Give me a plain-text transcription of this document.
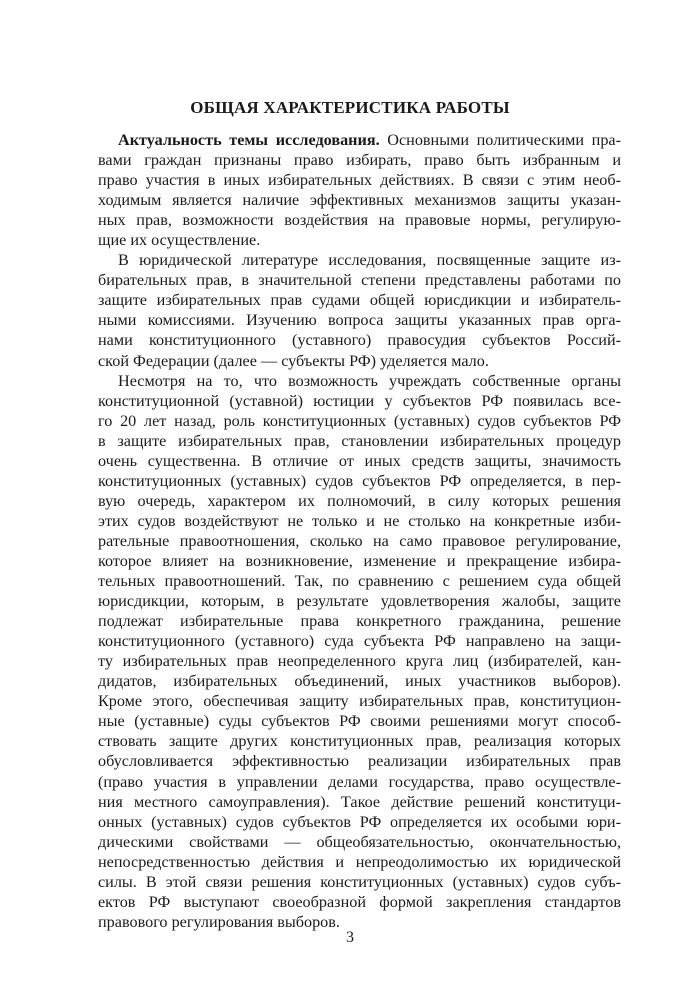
ОБЩАЯ ХАРАКТЕРИСТИКА РАБОТЫ
Актуальность темы исследования. Основными политическими пра-
вами граждан признаны право избирать, право быть избранным и
право участия в иных избирательных действиях. В связи с этим необ-
ходимым является наличие эффективных механизмов защиты указан-
ных прав, возможности воздействия на правовые нормы, регулирую-
щие их осуществление.
В юридической литературе исследования, посвященные защите из-
бирательных прав, в значительной степени представлены работами по
защите избирательных прав судами общей юрисдикции и избиратель-
ными комиссиями. Изучению вопроса защиты указанных прав орга-
нами конституционного (уставного) правосудия субъектов Россий-
ской Федерации (далее — субъекты РФ) уделяется мало.
Несмотря на то, что возможность учреждать собственные органы
конституционной (уставной) юстиции у субъектов РФ появилась все-
го 20 лет назад, роль конституционных (уставных) судов субъектов РФ
в защите избирательных прав, становлении избирательных процедур
очень существенна. В отличие от иных средств защиты, значимость
конституционных (уставных) судов субъектов РФ определяется, в пер-
вую очередь, характером их полномочий, в силу которых решения
этих судов воздействуют не только и не столько на конкретные изби-
рательные правоотношения, сколько на само правовое регулирование,
которое влияет на возникновение, изменение и прекращение избира-
тельных правоотношений. Так, по сравнению с решением суда общей
юрисдикции, которым, в результате удовлетворения жалобы, защите
подлежат избирательные права конкретного гражданина, решение
конституционного (уставного) суда субъекта РФ направлено на защи-
ту избирательных прав неопределенного круга лиц (избирателей, кан-
дидатов, избирательных объединений, иных участников выборов).
Кроме этого, обеспечивая защиту избирательных прав, конституцион-
ные (уставные) суды субъектов РФ своими решениями могут способ-
ствовать защите других конституционных прав, реализация которых
обусловливается эффективностью реализации избирательных прав
(право участия в управлении делами государства, право осуществле-
ния местного самоуправления). Такое действие решений конституци-
онных (уставных) судов субъектов РФ определяется их особыми юри-
дическими свойствами — общеобязательностью, окончательностью,
непосредственностью действия и непреодолимостью их юридической
силы. В этой связи решения конституционных (уставных) судов субъ-
ектов РФ выступают своеобразной формой закрепления стандартов
правового регулирования выборов.
3
